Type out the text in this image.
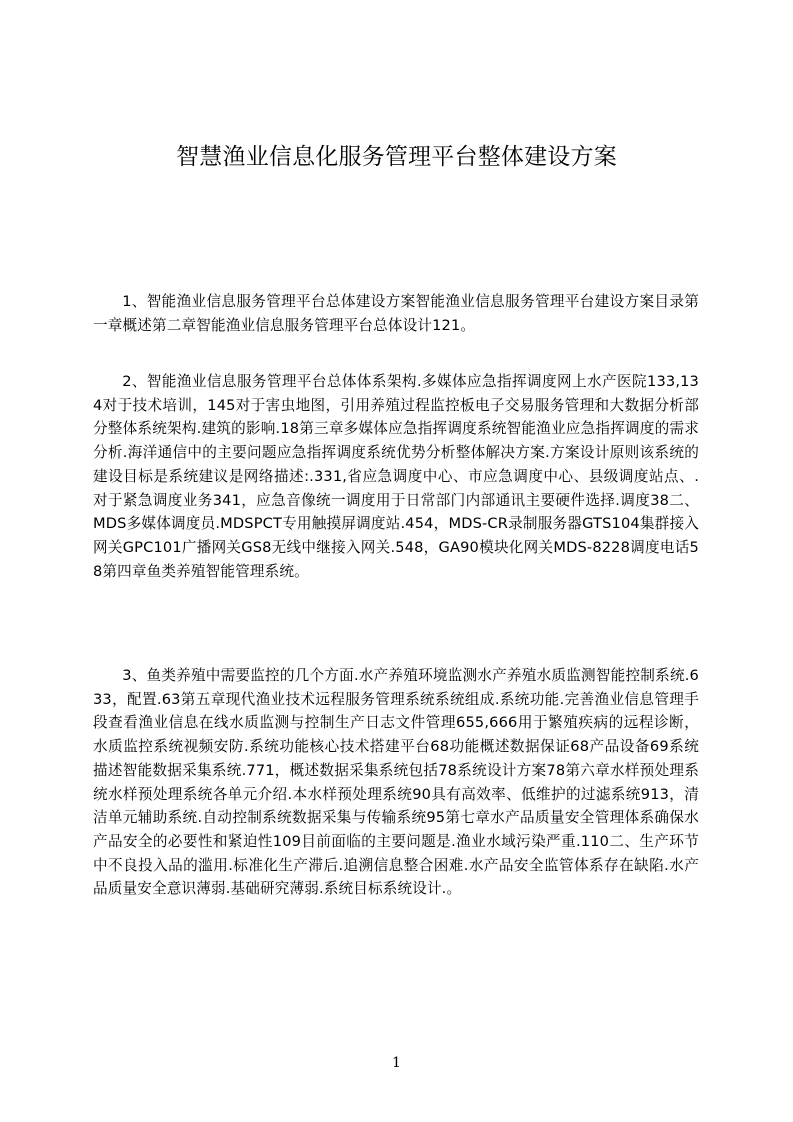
智慧渔业信息化服务管理平台整体建设方案

1、智能渔业信息服务管理平台总体建设方案智能渔业信息服务管理平台建设方案目录第一章概述第二章智能渔业信息服务管理平台总体设计121。

2、智能渔业信息服务管理平台总体体系架构.多媒体应急指挥调度网上水产医院133,134对于技术培训，145对于害虫地图，引用养殖过程监控板电子交易服务管理和大数据分析部分整体系统架构.建筑的影响.18第三章多媒体应急指挥调度系统智能渔业应急指挥调度的需求分析.海洋通信中的主要问题应急指挥调度系统优势分析整体解决方案.方案设计原则该系统的建设目标是系统建议是网络描述:.331,省应急调度中心、市应急调度中心、县级调度站点、.对于紧急调度业务341，应急音像统一调度用于日常部门内部通讯主要硬件选择.调度38二、MDS多媒体调度员.MDSPCT专用触摸屏调度站.454，MDS-CR录制服务器GTS104集群接入网关GPC101广播网关GS8无线中继接入网关.548，GA90模块化网关MDS-8228调度电话58第四章鱼类养殖智能管理系统。

3、鱼类养殖中需要监控的几个方面.水产养殖环境监测水产养殖水质监测智能控制系统.633，配置.63第五章现代渔业技术远程服务管理系统系统组成.系统功能.完善渔业信息管理手段查看渔业信息在线水质监测与控制生产日志文件管理655,666用于繁殖疾病的远程诊断，水质监控系统视频安防.系统功能核心技术搭建平台68功能概述数据保证68产品设备69系统描述智能数据采集系统.771，概述数据采集系统包括78系统设计方案78第六章水样预处理系统水样预处理系统各单元介绍.本水样预处理系统90具有高效率、低维护的过滤系统913，清洁单元辅助系统.自动控制系统数据采集与传输系统95第七章水产品质量安全管理体系确保水产品安全的必要性和紧迫性109目前面临的主要问题是.渔业水域污染严重.110二、生产环节中不良投入品的滥用.标准化生产滞后.追溯信息整合困难.水产品安全监管体系存在缺陷.水产品质量安全意识薄弱.基础研究薄弱.系统目标系统设计.。

1
